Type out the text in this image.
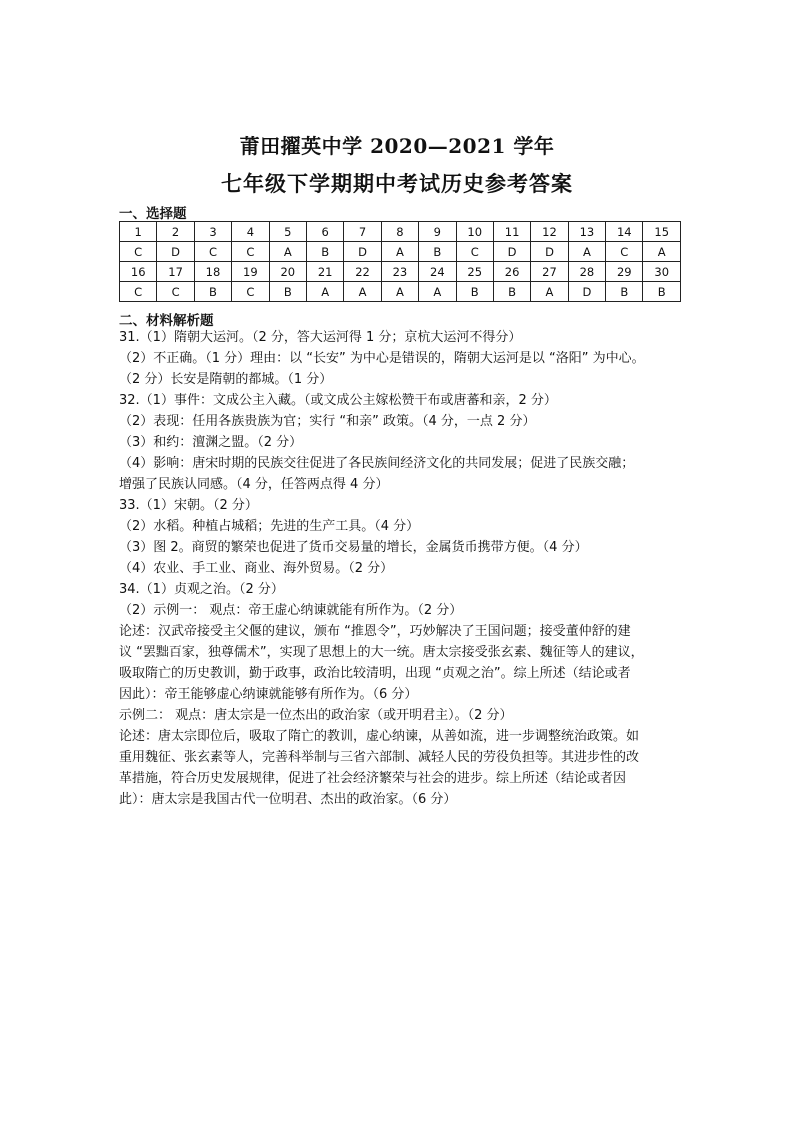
莆田擢英中学 2020—2021 学年
七年级下学期期中考试历史参考答案
一、选择题
1	2	3	4	5	6	7	8	9	10	11	12	13	14	15
C	D	C	C	A	B	D	A	B	C	D	D	A	C	A
16	17	18	19	20	21	22	23	24	25	26	27	28	29	30
C	C	B	C	B	A	A	A	A	B	B	A	D	B	B
二、材料解析题
31.（1）隋朝大运河。（2 分，答大运河得 1 分；京杭大运河不得分）
（2）不正确。（1 分）理由：以 “长安” 为中心是错误的，隋朝大运河是以 “洛阳” 为中心。
（2 分）长安是隋朝的都城。（1 分）
32.（1）事件：文成公主入藏。（或文成公主嫁松赞干布或唐蕃和亲，2 分）
（2）表现：任用各族贵族为官；实行 “和亲” 政策。（4 分，一点 2 分）
（3）和约：澶渊之盟。（2 分）
（4）影响：唐宋时期的民族交往促进了各民族间经济文化的共同发展；促进了民族交融；
增强了民族认同感。（4 分，任答两点得 4 分）
33.（1）宋朝。（2 分）
（2）水稻。种植占城稻；先进的生产工具。（4 分）
（3）图 2。商贸的繁荣也促进了货币交易量的增长，金属货币携带方便。（4 分）
（4）农业、手工业、商业、海外贸易。（2 分）
34.（1）贞观之治。（2 分）
（2）示例一： 观点：帝王虚心纳谏就能有所作为。（2 分）
论述：汉武帝接受主父偃的建议，颁布 “推恩令”，巧妙解决了王国问题；接受董仲舒的建
议 “罢黜百家，独尊儒术”，实现了思想上的大一统。唐太宗接受张玄素、魏征等人的建议，
吸取隋亡的历史教训，勤于政事，政治比较清明，出现 “贞观之治”。综上所述（结论或者
因此）：帝王能够虚心纳谏就能够有所作为。（6 分）
示例二： 观点：唐太宗是一位杰出的政治家（或开明君主）。（2 分）
论述：唐太宗即位后，吸取了隋亡的教训，虚心纳谏，从善如流，进一步调整统治政策。如
重用魏征、张玄素等人，完善科举制与三省六部制、减轻人民的劳役负担等。其进步性的改
革措施，符合历史发展规律，促进了社会经济繁荣与社会的进步。综上所述（结论或者因
此）：唐太宗是我国古代一位明君、杰出的政治家。（6 分）
